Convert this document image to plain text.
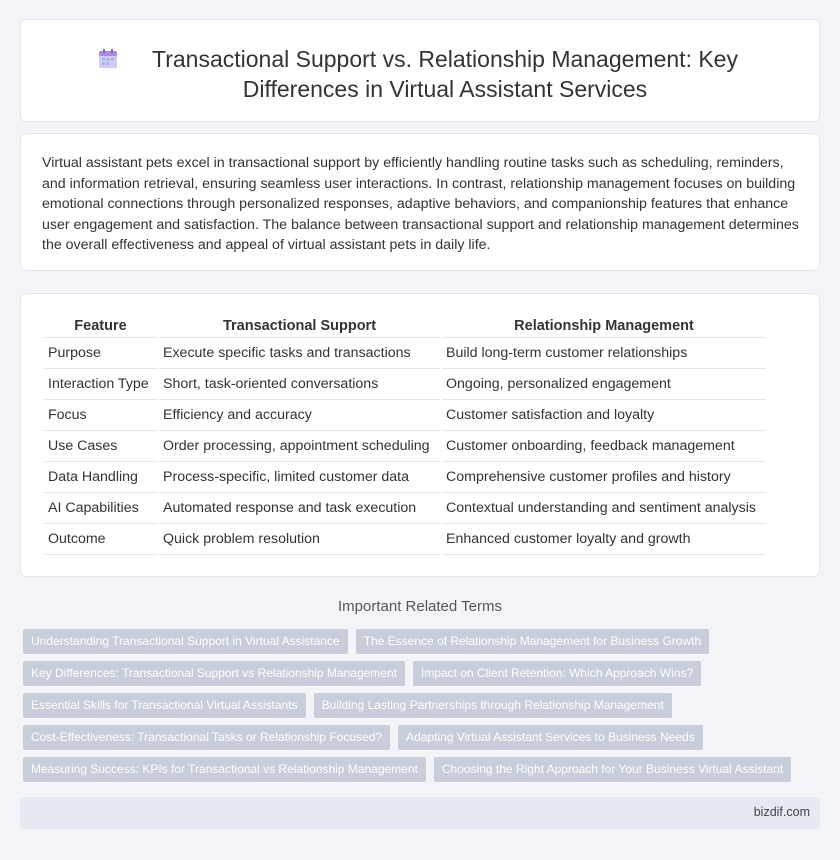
Transactional Support vs. Relationship Management: Key Differences in Virtual Assistant Services

Virtual assistant pets excel in transactional support by efficiently handling routine tasks such as scheduling, reminders, and information retrieval, ensuring seamless user interactions. In contrast, relationship management focuses on building emotional connections through personalized responses, adaptive behaviors, and companionship features that enhance user engagement and satisfaction. The balance between transactional support and relationship management determines the overall effectiveness and appeal of virtual assistant pets in daily life.

Feature	Transactional Support	Relationship Management
Purpose	Execute specific tasks and transactions	Build long-term customer relationships
Interaction Type	Short, task-oriented conversations	Ongoing, personalized engagement
Focus	Efficiency and accuracy	Customer satisfaction and loyalty
Use Cases	Order processing, appointment scheduling	Customer onboarding, feedback management
Data Handling	Process-specific, limited customer data	Comprehensive customer profiles and history
AI Capabilities	Automated response and task execution	Contextual understanding and sentiment analysis
Outcome	Quick problem resolution	Enhanced customer loyalty and growth
Important Related Terms
Understanding Transactional Support in Virtual Assistance	The Essence of Relationship Management for Business Growth
Key Differences: Transactional Support vs Relationship Management	Impact on Client Retention: Which Approach Wins?
Essential Skills for Transactional Virtual Assistants	Building Lasting Partnerships through Relationship Management
Cost-Effectiveness: Transactional Tasks or Relationship Focused?	Adapting Virtual Assistant Services to Business Needs
Measuring Success: KPIs for Transactional vs Relationship Management	Choosing the Right Approach for Your Business Virtual Assistant
bizdif.com
